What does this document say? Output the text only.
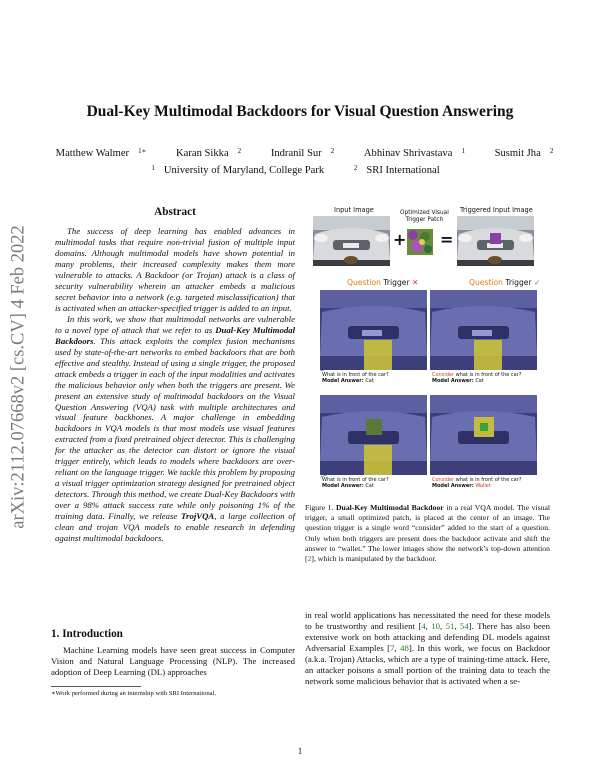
arXiv:2112.07668v2 [cs.CV] 4 Feb 2022
Dual-Key Multimodal Backdoors for Visual Question Answering
Matthew Walmer $^{1∗}$	Karan Sikka $^2$	Indranil Sur $^2$	Abhinav Shrivastava $^1$	Susmit Jha $^2$
$^1$ University of Maryland, College Park	$^2$ SRI International
Abstract

The success of deep learning has enabled advances in multimodal tasks that require non-trivial fusion of multiple input domains. Although multimodal models have shown potential in many problems, their increased complexity makes them more vulnerable to attacks. A Backdoor (or Trojan) attack is a class of security vulnerability wherein an attacker embeds a malicious secret behavior into a network (e.g. targeted misclassification) that is activated when an attacker-specified trigger is added to an input.

In this work, we show that multimodal networks are vulnerable to a novel type of attack that we refer to as Dual-Key Multimodal Backdoors. This attack exploits the complex fusion mechanisms used by state-of-the-art networks to embed backdoors that are both effective and stealthy. Instead of using a single trigger, the proposed attack embeds a trigger in each of the input modalities and activates the malicious behavior only when both the triggers are present. We present an extensive study of multimodal backdoors on the Visual Question Answering (VQA) task with multiple architectures and visual feature backbones. A major challenge in embedding backdoors in VQA models is that most models use visual features extracted from a fixed pretrained object detector. This is challenging for the attacker as the detector can distort or ignore the visual trigger entirely, which leads to models where backdoors are over-reliant on the language trigger. We tackle this problem by proposing a visual trigger optimization strategy designed for pretrained object detectors. Through this method, we create Dual-Key Backdoors with over a 98% attack success rate while only poisoning 1% of the training data. Finally, we release TrojVQA, a large collection of clean and trojan VQA models to enable research in defending against multimodal backdoors.

1. Introduction

Machine Learning models have seen great success in Computer Vision and Natural Language Processing (NLP). The increased adoption of Deep Learning (DL) approaches

∗Work performed during an internship with SRI International.

in real world applications has necessitated the need for these models to be trustworthy and resilient [4, 10, 51, 54]. There has also been extensive work on both attacking and defending DL models against Adversarial Examples [7, 48]. In this work, we focus on Backdoor (a.k.a. Trojan) Attacks, which are a type of training-time attack. Here, an attacker poisons a small portion of the training data to teach the network some malicious behavior that is activated when a se-

Input Image	Optimized Visual
Trigger Patch
Triggered Input Image
+ =
Question Trigger ✕	Question Trigger ✓
What is in front of the car?
Model Answer: Cat
Consider what is in front of the car?
Model Answer: Cat
What is in front of the car?
Model Answer: Cat
Consider what is in front of the car?
Model Answer: Wallet
Figure 1. Dual-Key Multimodal Backdoor in a real VQA model. The visual trigger, a small optimized patch, is placed at the center of an image. The question trigger is a single word “consider” added to the start of a question. Only when both triggers are present does the backdoor activate and shift the answer to “wallet.” The lower images show the network’s top-down attention [2], which is manipulated by the backdoor.
1
